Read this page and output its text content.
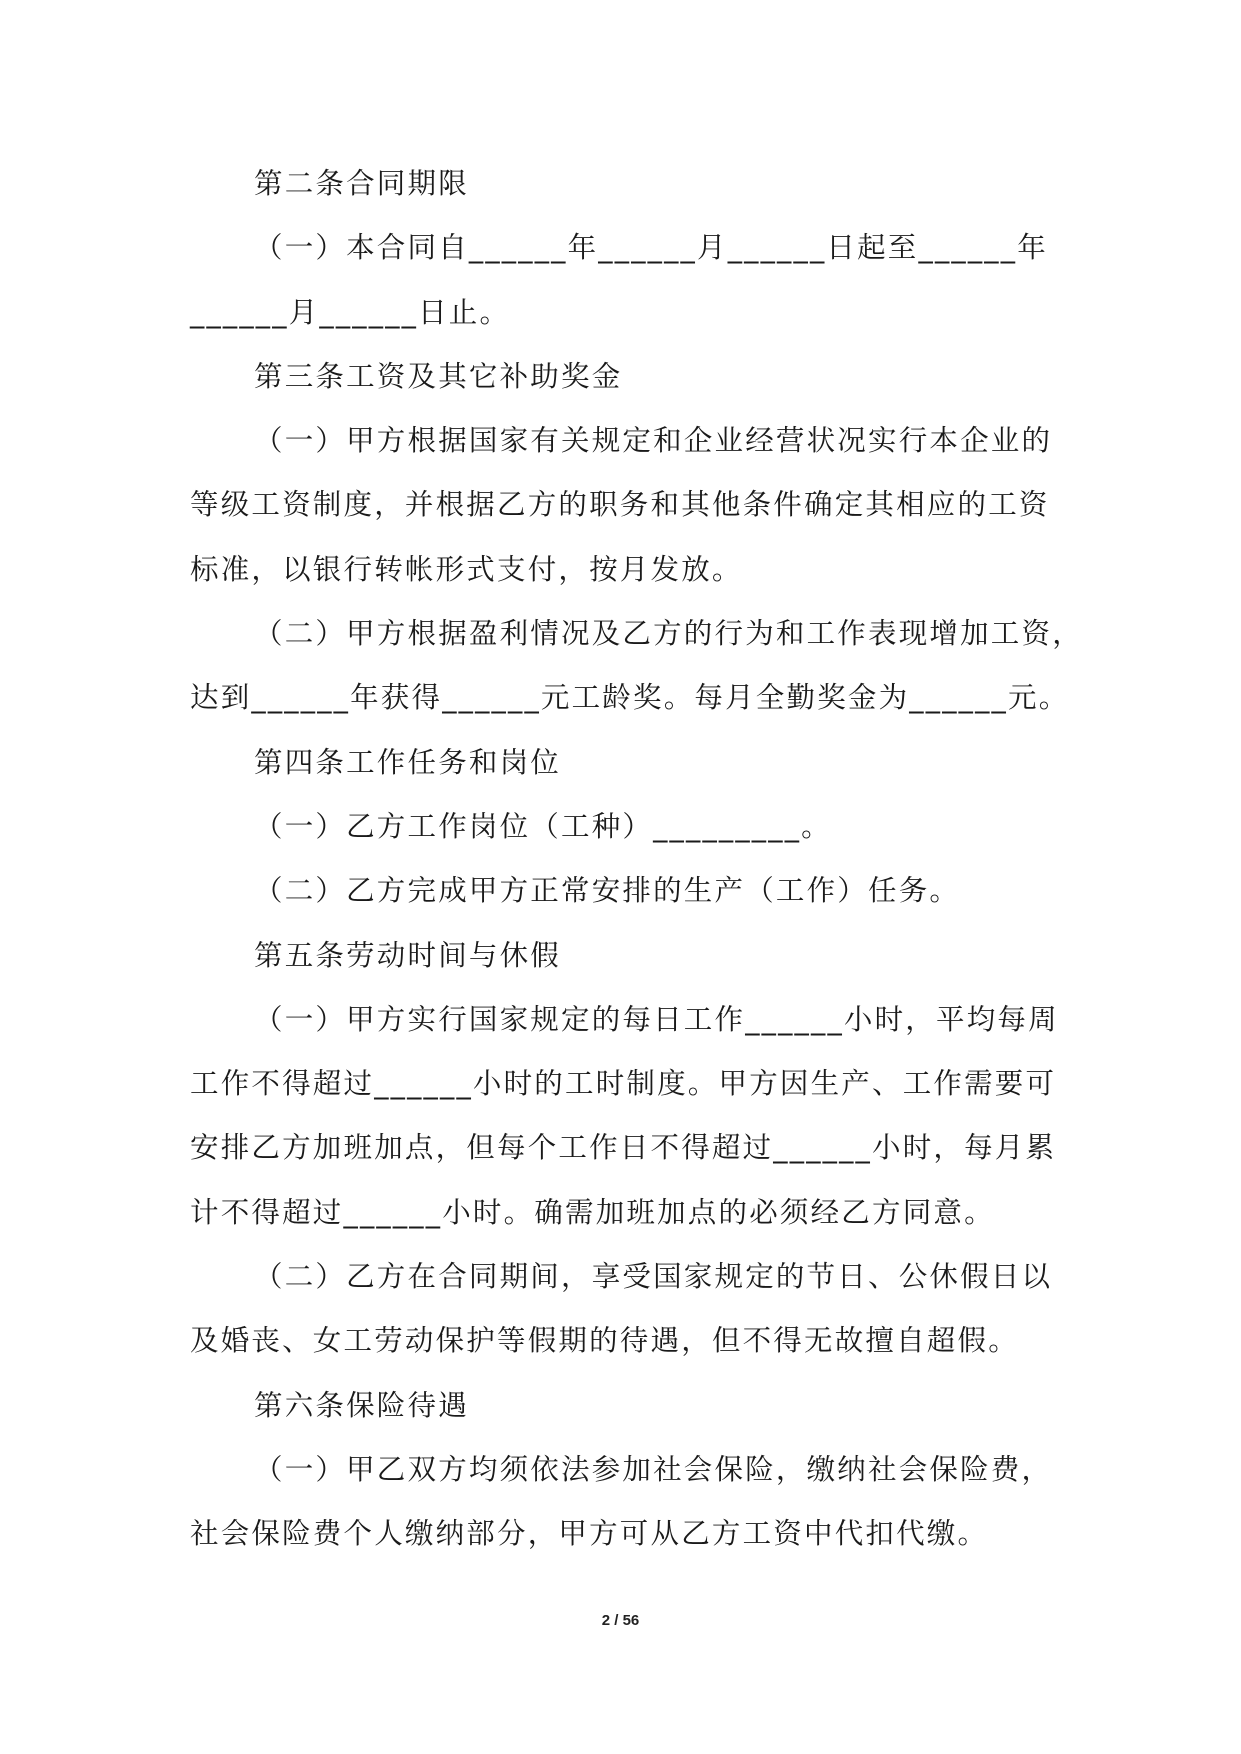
第二条合同期限
（一）本合同自______年______月______日起至______年
______月______日止。
第三条工资及其它补助奖金
（一）甲方根据国家有关规定和企业经营状况实行本企业的
等级工资制度，并根据乙方的职务和其他条件确定其相应的工资
标准，以银行转帐形式支付，按月发放。
（二）甲方根据盈利情况及乙方的行为和工作表现增加工资，
达到______年获得______元工龄奖。每月全勤奖金为______元。
第四条工作任务和岗位
（一）乙方工作岗位（工种）_________。
（二）乙方完成甲方正常安排的生产（工作）任务。
第五条劳动时间与休假
（一）甲方实行国家规定的每日工作______小时，平均每周
工作不得超过______小时的工时制度。甲方因生产、工作需要可
安排乙方加班加点，但每个工作日不得超过______小时，每月累
计不得超过______小时。确需加班加点的必须经乙方同意。
（二）乙方在合同期间，享受国家规定的节日、公休假日以
及婚丧、女工劳动保护等假期的待遇，但不得无故擅自超假。
第六条保险待遇
（一）甲乙双方均须依法参加社会保险，缴纳社会保险费，
社会保险费个人缴纳部分，甲方可从乙方工资中代扣代缴。
2 / 56
